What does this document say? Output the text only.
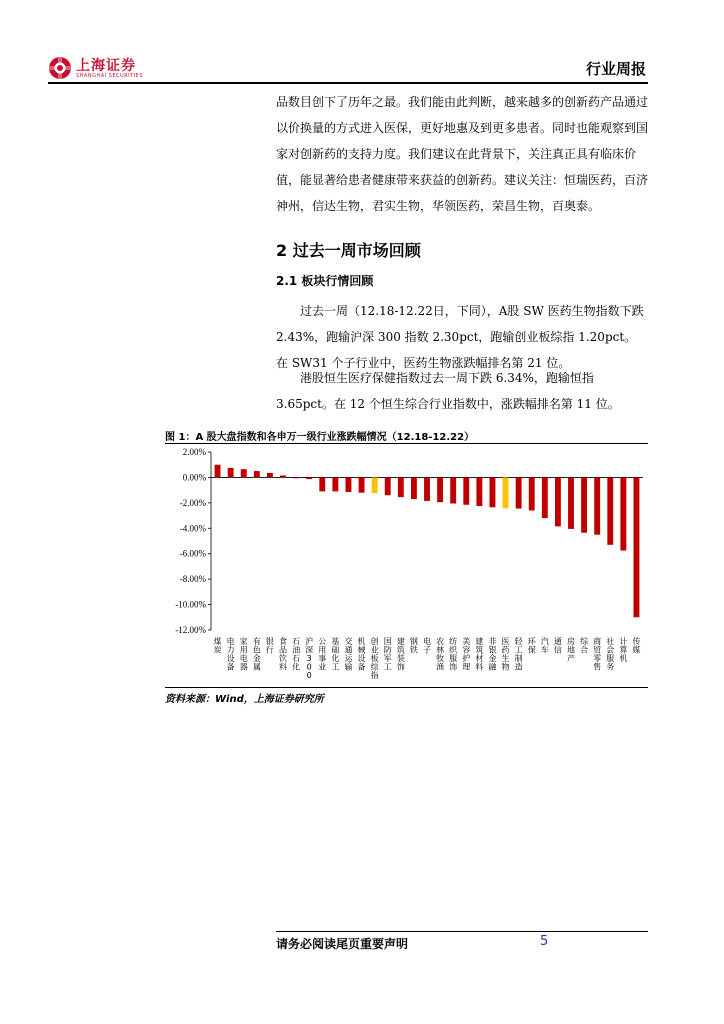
上海证券
SHANGHAI SECURITIES	行业周报

品数目创下了历年之最。我们能由此判断，越来越多的创新药产品通过以价换量的方式进入医保，更好地惠及到更多患者。同时也能观察到国家对创新药的支持力度。我们建议在此背景下，关注真正具有临床价值，能显著给患者健康带来获益的创新药。建议关注：恒瑞医药，百济神州，信达生物，君实生物，华领医药，荣昌生物，百奥泰。

2 过去一周市场回顾
2.1 板块行情回顾

过去一周（12.18-12.22日，下同），A股 SW 医药生物指数下跌 2.43%，跑输沪深 300 指数 2.30pct，跑输创业板综指 1.20pct。在 SW31 个子行业中，医药生物涨跌幅排名第 21 位。

港股恒生医疗保健指数过去一周下跌 6.34%，跑输恒指 3.65pct。在 12 个恒生综合行业指数中，涨跌幅排名第 11 位。

图 1：A 股大盘指数和各申万一级行业涨跌幅情况（12.18-12.22）
2.00%
0.00%
-2.00%
-4.00%
-6.00%
-8.00%
-10.00%
-12.00%
煤炭
电力设备
家用电器
有色金属
银行
食品饮料
石油石化
沪深 3 0 0
公用事业
基础化工
交通运输
机械设备
创业板综指
国防军工
建筑装饰
钢铁
电子
农林牧渔
纺织服饰
美容护理
建筑材料
非银金融
医药生物
轻工制造
环保
汽车
通信
房地产
综合
商贸零售
社会服务
计算机
传媒
资料来源：Wind，上海证券研究所
请务必阅读尾页重要声明	5
